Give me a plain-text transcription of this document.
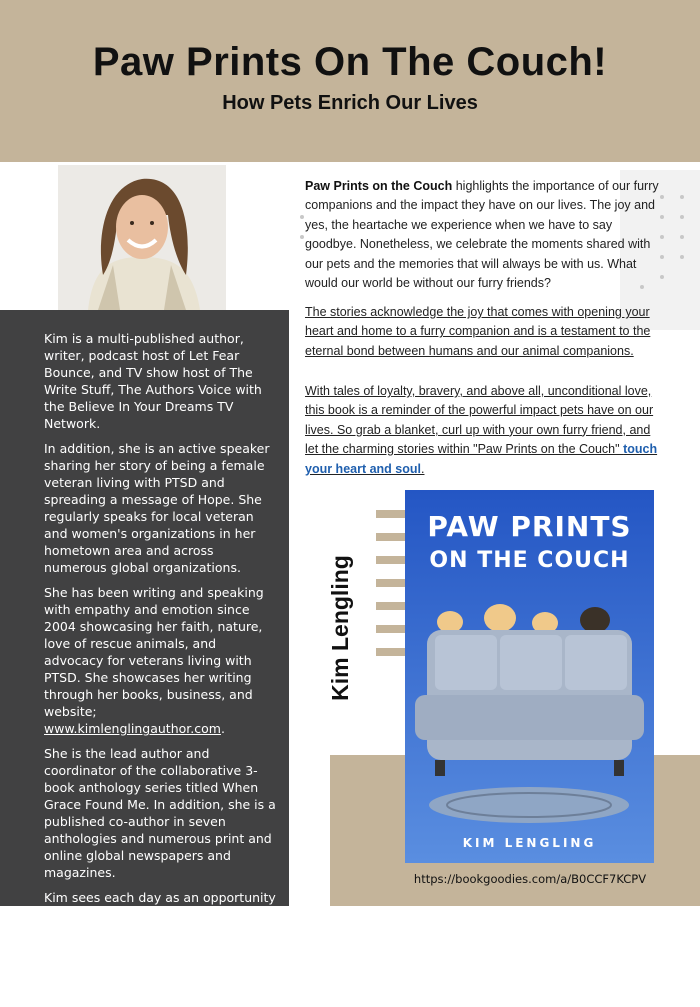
Paw Prints On The Couch!
How Pets Enrich Our Lives

Kim is a multi-published author, writer, podcast host of Let Fear Bounce, and TV show host of The Write Stuff, The Authors Voice with the Believe In Your Dreams TV Network.

In addition, she is an active speaker sharing her story of being a female veteran living with PTSD and spreading a message of Hope. She regularly speaks for local veteran and women's organizations in her hometown area and across numerous global organizations.

She has been writing and speaking with empathy and emotion since 2004 showcasing her faith, nature, love of rescue animals, and advocacy for veterans living with PTSD. She showcases her writing through her books, business, and website; www.kimlenglingauthor.com.

She is the lead author and coordinator of the collaborative 3-book anthology series titled When Grace Found Me. In addition, she is a published co-author in seven anthologies and numerous print and online global newspapers and magazines.

Kim sees each day as an opportunity to spread hope and encouragement.

"The world can be a dark place. I choose to toss nuggets of hope out into the world like confetti; little sparks of light in the darkness."

Paw Prints on the Couch highlights the importance of our furry companions and the impact they have on our lives. The joy and yes, the heartache we experience when we have to say goodbye. Nonetheless, we celebrate the moments shared with our pets and the memories that will always be with us. What would our world be without our furry friends?
The stories acknowledge the joy that comes with opening your heart and home to a furry companion and is a testament to the eternal bond between humans and our animal companions.
With tales of loyalty, bravery, and above all, unconditional love, this book is a reminder of the powerful impact pets have on our lives. So grab a blanket, curl up with your own furry friend, and let the charming stories within "Paw Prints on the Couch" touch your heart and soul.
Kim Lengling
PAW PRINTS
ON THE COUCH
KIM LENGLING
https://bookgoodies.com/a/B0CCF7KCPV
